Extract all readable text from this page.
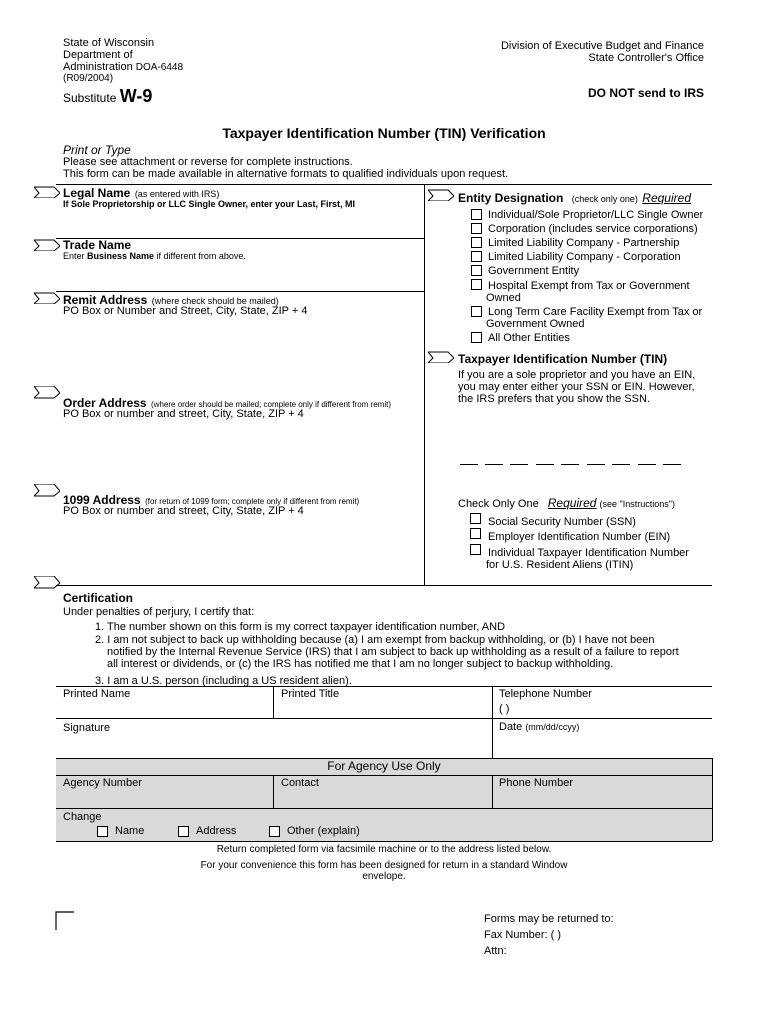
State of Wisconsin
Department of
Administration DOA-6448
(R09/2004)
Substitute W-9
Division of Executive Budget and Finance
State Controller's Office
DO NOT send to IRS
Taxpayer Identification Number (TIN) Verification
Print or Type
Please see attachment or reverse for complete instructions.
This form can be made available in alternative formats to qualified individuals upon request.
Legal Name (as entered with IRS)
If Sole Proprietorship or LLC Single Owner, enter your Last, First, MI
Trade Name
Enter Business Name if different from above.
Remit Address (where check should be mailed)
PO Box or Number and Street, City, State, ZIP + 4
Order Address (where order should be mailed; complete only if different from remit)
PO Box or number and street, City, State, ZIP + 4
1099 Address (for return of 1099 form; complete only if different from remit)
PO Box or number and street, City, State, ZIP + 4
Entity Designation (check only one) Required
Individual/Sole Proprietor/LLC Single Owner
Corporation (includes service corporations)
Limited Liability Company - Partnership
Limited Liability Company - Corporation
Government Entity
Hospital Exempt from Tax or Government
Owned
Long Term Care Facility Exempt from Tax or
Government Owned
All Other Entities
Taxpayer Identification Number (TIN)
If you are a sole proprietor and you have an EIN,
you may enter either your SSN or EIN. However,
the IRS prefers that you show the SSN.
Check Only One Required (see "Instructions")
Social Security Number (SSN)
Employer Identification Number (EIN)
Individual Taxpayer Identification Number
for U.S. Resident Aliens (ITIN)
Certification
Under penalties of perjury, I certify that:
1. The number shown on this form is my correct taxpayer identification number, AND
2. I am not subject to back up withholding because (a) I am exempt from backup withholding, or (b) I have not been
notified by the Internal Revenue Service (IRS) that I am subject to back up withholding as a result of a failure to report
all interest or dividends, or (c) the IRS has notified me that I am no longer subject to backup withholding.
3. I am a U.S. person (including a US resident alien).
Printed Name	Printed Title	Telephone Number
( )
Signature	Date (mm/dd/ccyy)
For Agency Use Only
Agency Number	Contact	Phone Number
Change
Name	Address	Other (explain)
Return completed form via facsimile machine or to the address listed below.
For your convenience this form has been designed for return in a standard Window
envelope.
Forms may be returned to:
Fax Number: ( )
Attn:
